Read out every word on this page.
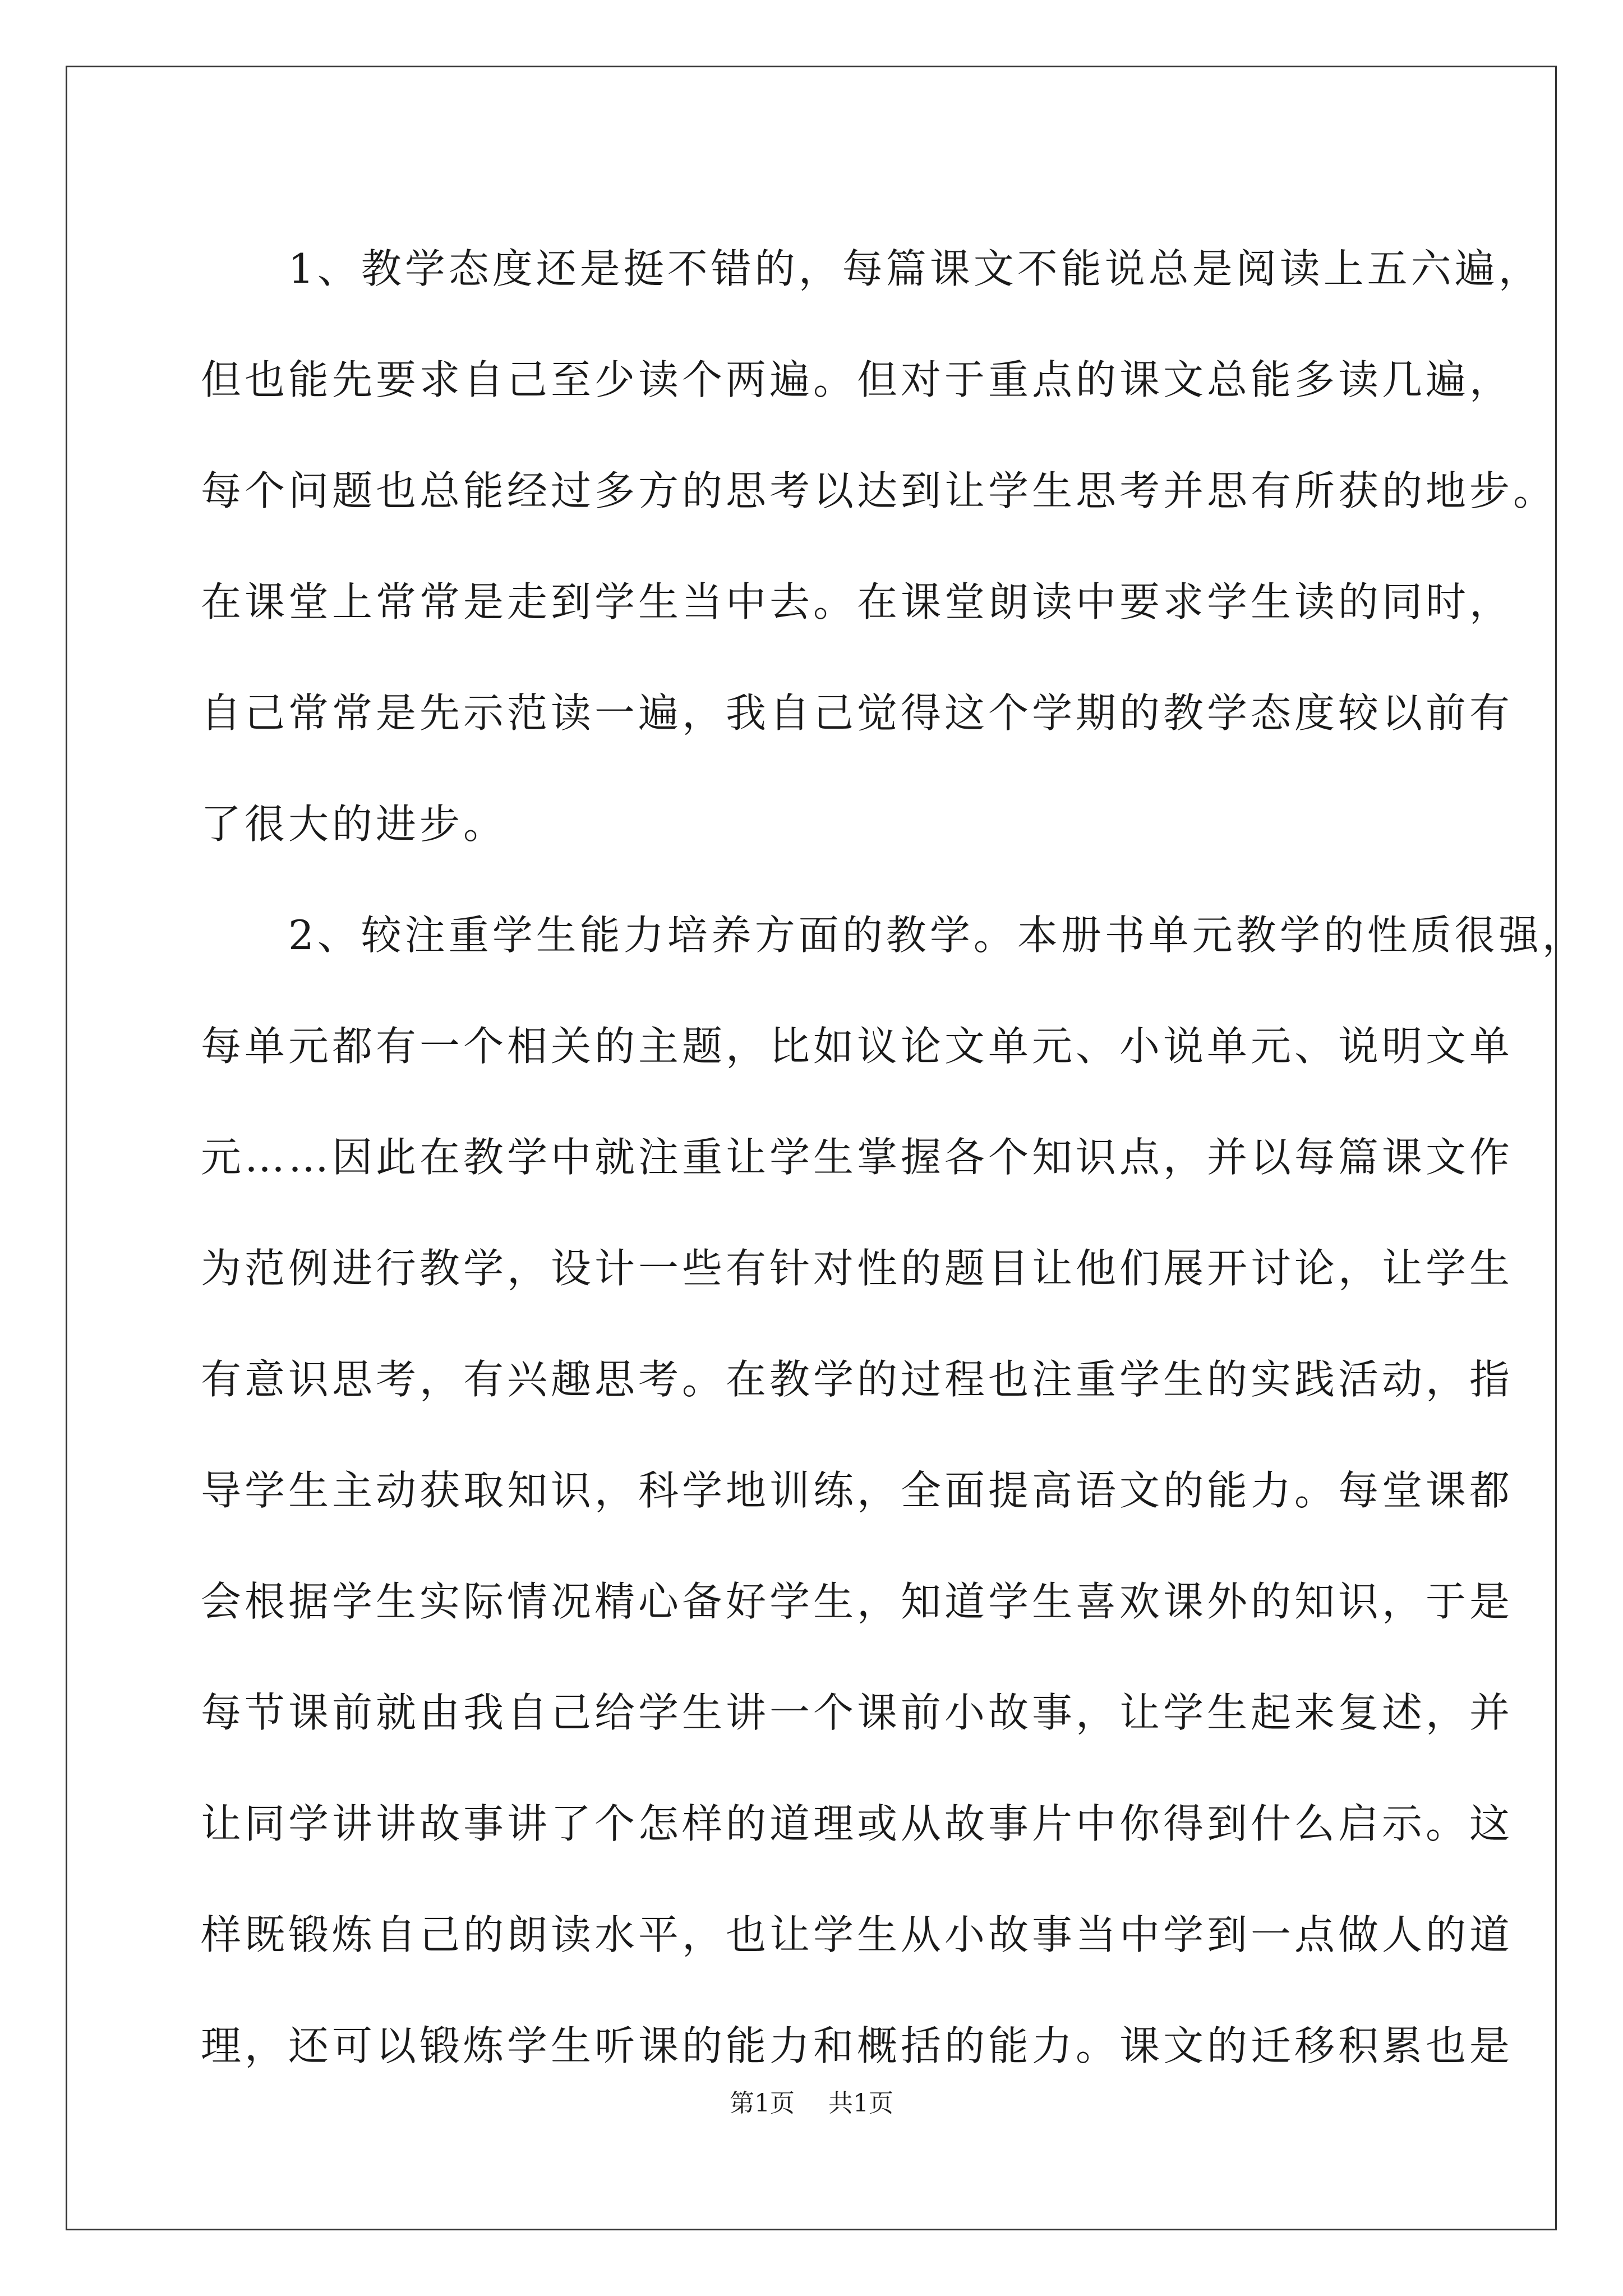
　　1、教学态度还是挺不错的，每篇课文不能说总是阅读上五六遍，
但也能先要求自己至少读个两遍。但对于重点的课文总能多读几遍，
每个问题也总能经过多方的思考以达到让学生思考并思有所获的地步。
在课堂上常常是走到学生当中去。在课堂朗读中要求学生读的同时，
自己常常是先示范读一遍，我自己觉得这个学期的教学态度较以前有
了很大的进步。
　　2、较注重学生能力培养方面的教学。本册书单元教学的性质很强，
每单元都有一个相关的主题，比如议论文单元、小说单元、说明文单
元……因此在教学中就注重让学生掌握各个知识点，并以每篇课文作
为范例进行教学，设计一些有针对性的题目让他们展开讨论，让学生
有意识思考，有兴趣思考。在教学的过程也注重学生的实践活动，指
导学生主动获取知识，科学地训练，全面提高语文的能力。每堂课都
会根据学生实际情况精心备好学生，知道学生喜欢课外的知识，于是
每节课前就由我自己给学生讲一个课前小故事，让学生起来复述，并
让同学讲讲故事讲了个怎样的道理或从故事片中你得到什么启示。这
样既锻炼自己的朗读水平，也让学生从小故事当中学到一点做人的道
理，还可以锻炼学生听课的能力和概括的能力。课文的迁移积累也是
第1页 共1页
